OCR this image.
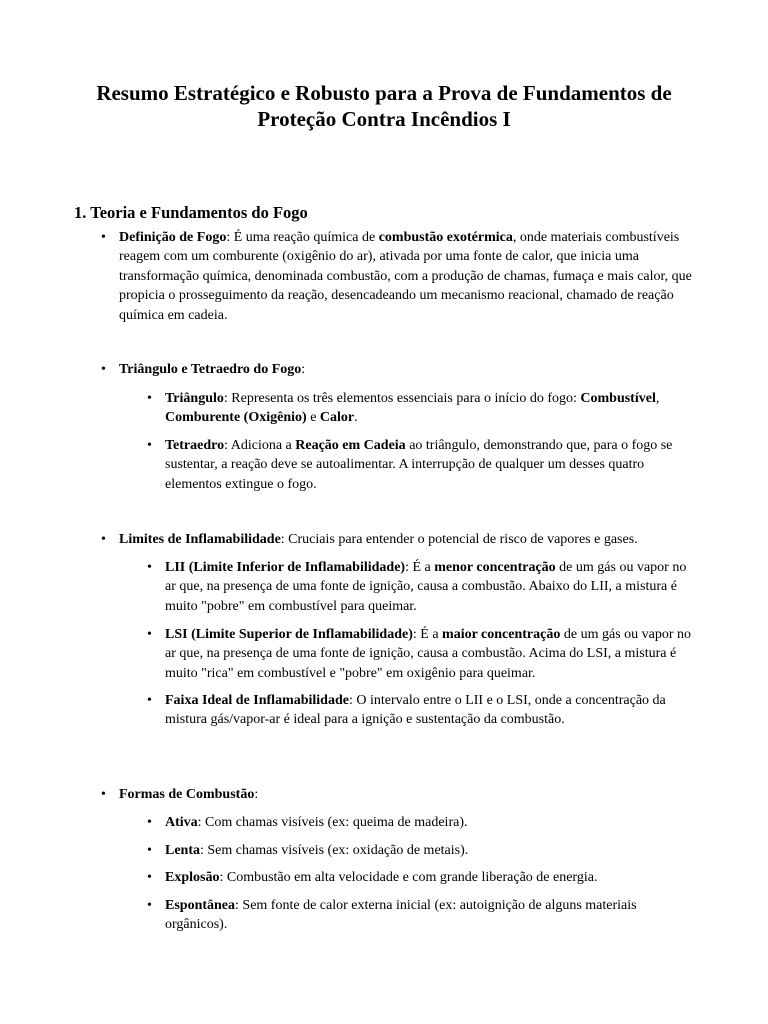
Resumo Estratégico e Robusto para a Prova de Fundamentos de Proteção Contra Incêndios I
1. Teoria e Fundamentos do Fogo

• Definição de Fogo: É uma reação química de combustão exotérmica, onde materiais combustíveis reagem com um comburente (oxigênio do ar), ativada por uma fonte de calor, que inicia uma transformação química, denominada combustão, com a produção de chamas, fumaça e mais calor, que propicia o prosseguimento da reação, desencadeando um mecanismo reacional, chamado de reação química em cadeia.

• Triângulo e Tetraedro do Fogo:

• Triângulo: Representa os três elementos essenciais para o início do fogo: Combustível, Comburente (Oxigênio) e Calor.

• Tetraedro: Adiciona a Reação em Cadeia ao triângulo, demonstrando que, para o fogo se sustentar, a reação deve se autoalimentar. A interrupção de qualquer um desses quatro elementos extingue o fogo.

• Limites de Inflamabilidade: Cruciais para entender o potencial de risco de vapores e gases.

• LII (Limite Inferior de Inflamabilidade): É a menor concentração de um gás ou vapor no ar que, na presença de uma fonte de ignição, causa a combustão. Abaixo do LII, a mistura é muito "pobre" em combustível para queimar.

• LSI (Limite Superior de Inflamabilidade): É a maior concentração de um gás ou vapor no ar que, na presença de uma fonte de ignição, causa a combustão. Acima do LSI, a mistura é muito "rica" em combustível e "pobre" em oxigênio para queimar.

• Faixa Ideal de Inflamabilidade: O intervalo entre o LII e o LSI, onde a concentração da mistura gás/vapor-ar é ideal para a ignição e sustentação da combustão.

• Formas de Combustão:

• Ativa: Com chamas visíveis (ex: queima de madeira).

• Lenta: Sem chamas visíveis (ex: oxidação de metais).

• Explosão: Combustão em alta velocidade e com grande liberação de energia.

• Espontânea: Sem fonte de calor externa inicial (ex: autoignição de alguns materiais orgânicos).
